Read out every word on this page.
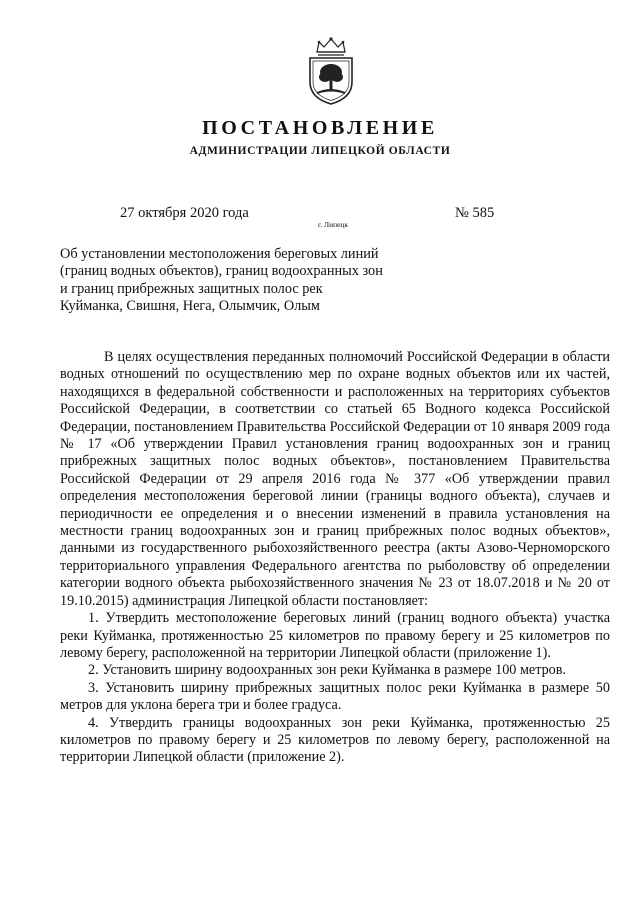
ПОСТАНОВЛЕНИЕ
АДМИНИСТРАЦИИ ЛИПЕЦКОЙ ОБЛАСТИ
27 октября 2020 года
г. Липецк
№ 585
Об установлении местоположения береговых линий
(границ водных объектов), границ водоохранных зон
и границ прибрежных защитных полос рек
Куйманка, Свишня, Нега, Олымчик, Олым

В целях осуществления переданных полномочий Российской Федерации в области водных отношений по осуществлению мер по охране водных объектов или их частей, находящихся в федеральной собственности и расположенных на территориях субъектов Российской Федерации, в соответствии со статьей 65 Водного кодекса Российской Федерации, постановлением Правительства Российской Федерации от 10 января 2009 года № 17 «Об утверждении Правил установления границ водоохранных зон и границ прибрежных защитных полос водных объектов», постановлением Правительства Российской Федерации от 29 апреля 2016 года № 377 «Об утверждении правил определения местоположения береговой линии (границы водного объекта), случаев и периодичности ее определения и о внесении изменений в правила установления на местности границ водоохранных зон и границ прибрежных полос водных объектов», данными из государственного рыбохозяйственного реестра (акты Азово-Черноморского территориального управления Федерального агентства по рыболовству об определении категории водного объекта рыбохозяйственного значения № 23 от 18.07.2018 и № 20 от 19.10.2015) администрация Липецкой области постановляет:

1. Утвердить местоположение береговых линий (границ водного объекта) участка реки Куйманка, протяженностью 25 километров по правому берегу и 25 километров по левому берегу, расположенной на территории Липецкой области (приложение 1).

2. Установить ширину водоохранных зон реки Куйманка в размере 100 метров.

3. Установить ширину прибрежных защитных полос реки Куйманка в размере 50 метров для уклона берега три и более градуса.

4. Утвердить границы водоохранных зон реки Куйманка, протяженностью 25 километров по правому берегу и 25 километров по левому берегу, расположенной на территории Липецкой области (приложение 2).
